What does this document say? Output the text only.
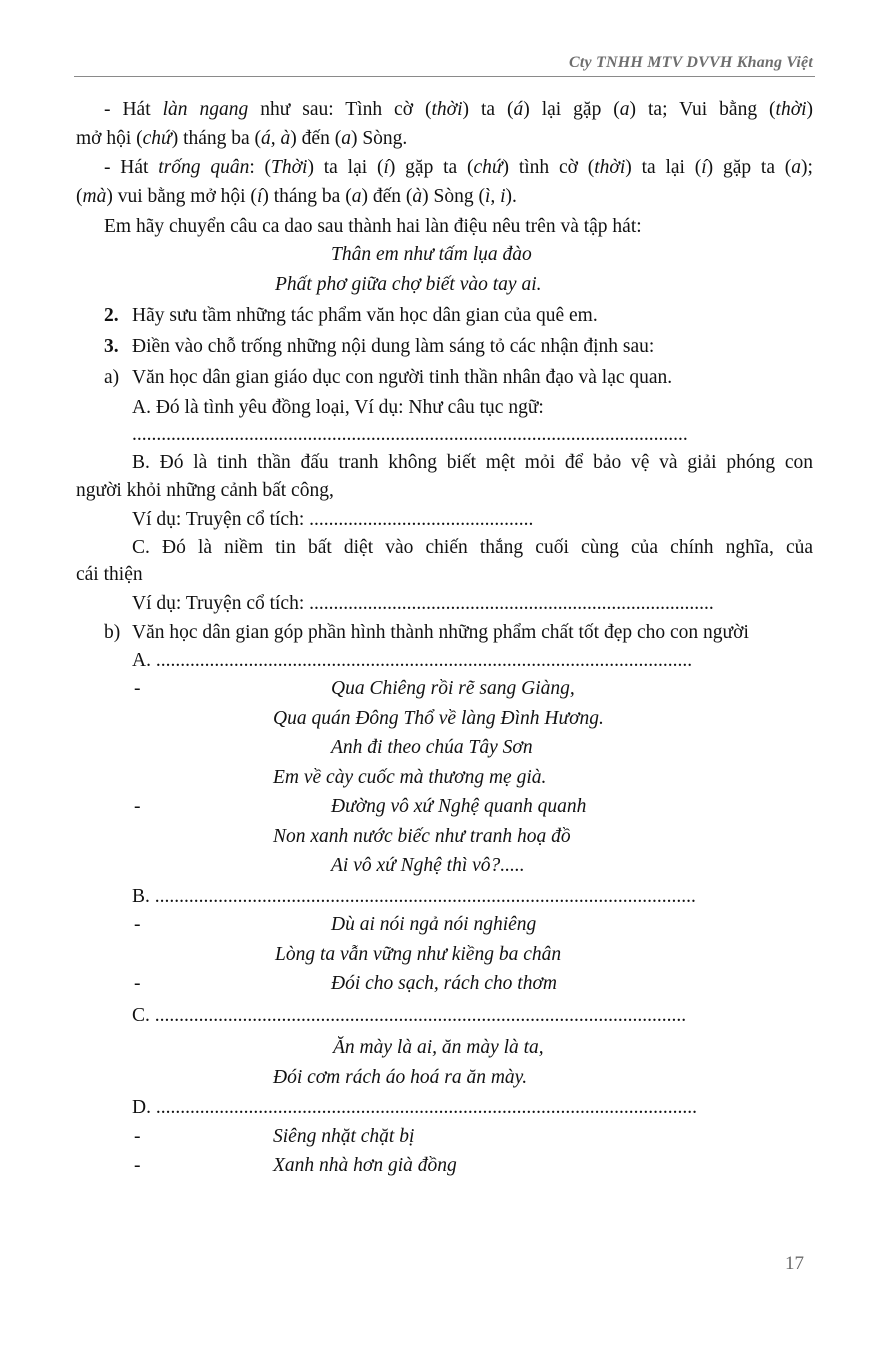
Cty TNHH MTV DVVH Khang Việt
- Hát làn ngang như sau: Tình cờ (thời) ta (á) lại gặp (a) ta; Vui bằng (thời)
mở hội (chứ) tháng ba (á, à) đến (a) Sòng.
- Hát trống quân: (Thời) ta lại (í) gặp ta (chứ) tình cờ (thời) ta lại (í) gặp ta (a);
(mà) vui bằng mở hội (í) tháng ba (a) đến (à) Sòng (ì, i).
Em hãy chuyển câu ca dao sau thành hai làn điệu nêu trên và tập hát:
Thân em như tấm lụa đào
Phất phơ giữa chợ biết vào tay ai.
2. Hãy sưu tầm những tác phẩm văn học dân gian của quê em.
3. Điền vào chỗ trống những nội dung làm sáng tỏ các nhận định sau:
a) Văn học dân gian giáo dục con người tinh thần nhân đạo và lạc quan.
A. Đó là tình yêu đồng loại, Ví dụ: Như câu tục ngữ:
..................................................................................................................
B. Đó là tinh thần đấu tranh không biết mệt mỏi để bảo vệ và giải phóng con
người khỏi những cảnh bất công,
Ví dụ: Truyện cổ tích: ..............................................
C. Đó là niềm tin bất diệt vào chiến thắng cuối cùng của chính nghĩa, của
cái thiện
Ví dụ: Truyện cổ tích: ...................................................................................
b) Văn học dân gian góp phần hình thành những phẩm chất tốt đẹp cho con người
A. ..............................................................................................................
-	Qua Chiêng rồi rẽ sang Giàng,
Qua quán Đông Thổ về làng Đình Hương.
Anh đi theo chúa Tây Sơn
Em về cày cuốc mà thương mẹ già.
-	Đường vô xứ Nghệ quanh quanh
Non xanh nước biếc như tranh hoạ đồ
Ai vô xứ Nghệ thì vô?.....
B. ...............................................................................................................
-	Dù ai nói ngả nói nghiêng
Lòng ta vẫn vững như kiềng ba chân
-	Đói cho sạch, rách cho thơm
C. .............................................................................................................
Ăn mày là ai, ăn mày là ta,
Đói cơm rách áo hoá ra ăn mày.
D. ...............................................................................................................
-	Siêng nhặt chặt bị
-	Xanh nhà hơn già đồng
17
